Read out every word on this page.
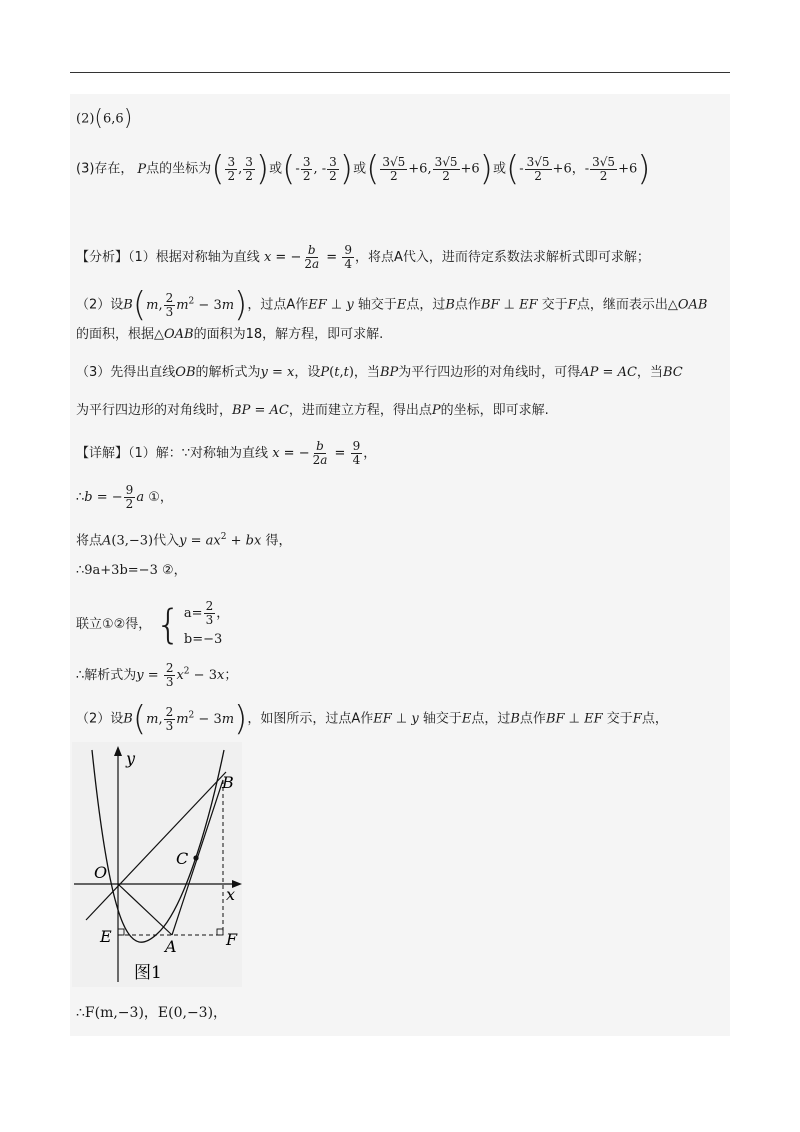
(2)(6,6)
(3)存在， P点的坐标为( $\frac{3}{2}$ , $\frac{3}{2}$ )或(- $\frac{3}{2}$ , - $\frac{3}{2}$ )或( $\frac{3√5}{2} +6$, $\frac{3√5}{2} +6$)或(- $\frac{3√5}{2} +6$，- $\frac{3√5}{2} +6$)
【分析】（1）根据对称轴为直线 x = − $\frac{b}{2a} = \frac{9}{4}$ ，将点A代入，进而待定系数法求解析式即可求解；
（2）设B(m, $\frac{2}{3} m^2 - 3m$)，过点A作EF ⊥ y 轴交于E点，过B点作BF ⊥ EF 交于F点，继而表示出△OAB
的面积，根据△OAB的面积为18，解方程，即可求解.
（3）先得出直线OB的解析式为y = x，设P(t,t)，当BP为平行四边形的对角线时，可得AP = AC，当BC
为平行四边形的对角线时，BP = AC，进而建立方程，得出点P的坐标，即可求解.
【详解】（1）解：∵对称轴为直线 x = − $\frac{b}{2a} = \frac{9}{4}$ ，
∴b = − $\frac{9}{2}$ a ①，
将点A(3,−3)代入$y = ax^2$ + bx 得，
∴9a+3b=−3 ②，
联立①②得， { $a= \frac{2}{3}$ ，
b=−3
∴解析式为$y = \frac{2}{3} x^2 - 3x$；
（2）设B(m, $\frac{2}{3} m^2 - 3m$)，如图所示，过点A作EF ⊥ y 轴交于E点，过B点作BF ⊥ EF 交于F点，
y
x
O
B
C
E
A	F
图1
∴F(m,−3)，E(0,−3)，
